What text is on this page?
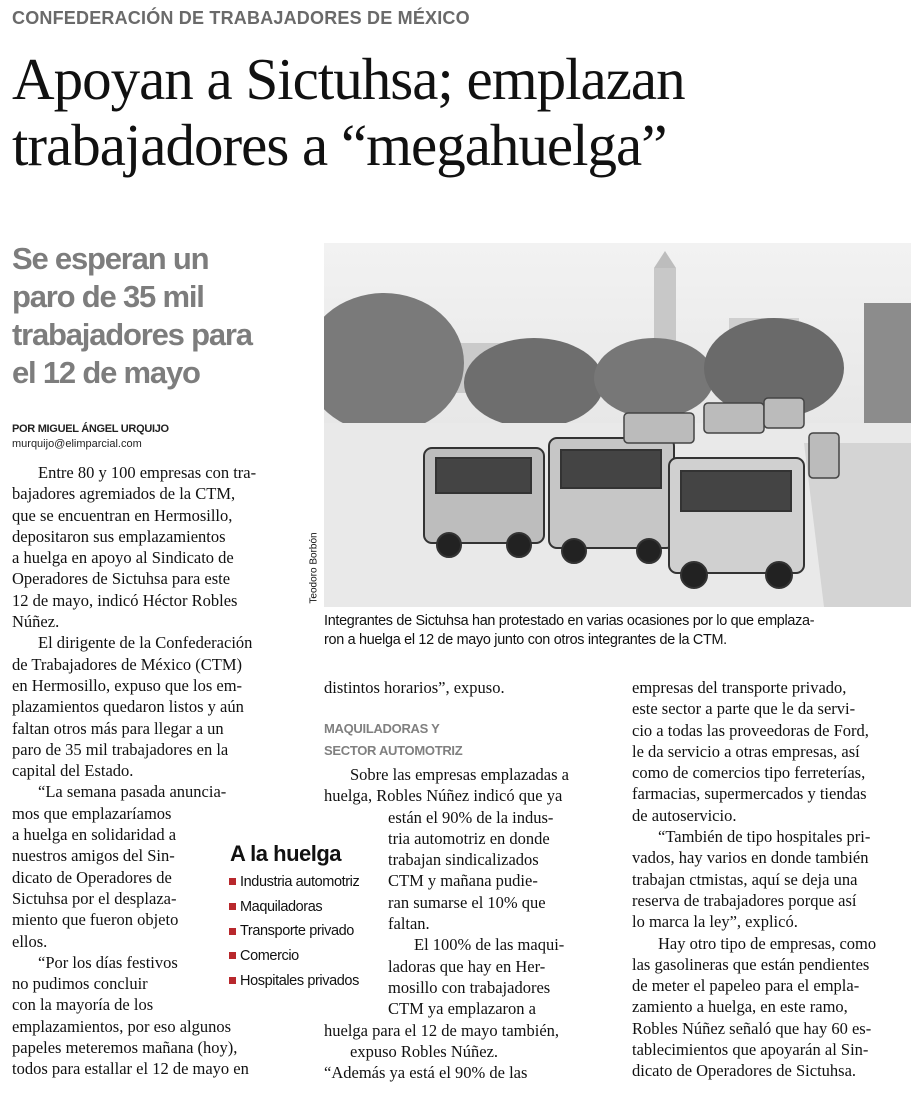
CONFEDERACIÓN DE TRABAJADORES DE MÉXICO
Apoyan a Sictuhsa; emplazan
trabajadores a “megahuelga”
Se esperan un
paro de 35 mil
trabajadores para
el 12 de mayo
POR MIGUEL ÁNGEL URQUIJO
murquijo@elimparcial.com
Entre 80 y 100 empresas con tra-
bajadores agremiados de la CTM,
que se encuentran en Hermosillo,
depositaron sus emplazamientos
a huelga en apoyo al Sindicato de
Operadores de Sictuhsa para este
12 de mayo, indicó Héctor Robles
Núñez.
El dirigente de la Confederación
de Trabajadores de México (CTM)
en Hermosillo, expuso que los em-
plazamientos quedaron listos y aún
faltan otros más para llegar a un
paro de 35 mil trabajadores en la
capital del Estado.
“La semana pasada anuncia-
mos que emplazaríamos
a huelga en solidaridad a
nuestros amigos del Sin-
dicato de Operadores de
Sictuhsa por el desplaza-
miento que fueron objeto
ellos.
“Por los días festivos
no pudimos concluir
con la mayoría de los
emplazamientos, por eso algunos
papeles meteremos mañana (hoy),
todos para estallar el 12 de mayo en
Teodoro Borbón
Integrantes de Sictuhsa han protestado en varias ocasiones por lo que emplaza-
ron a huelga el 12 de mayo junto con otros integrantes de la CTM.
distintos horarios”, expuso.
MAQUILADORAS Y
SECTOR AUTOMOTRIZ
Sobre las empresas emplazadas a
huelga, Robles Núñez indicó que ya
están el 90% de la indus-
tria automotriz en donde
trabajan sindicalizados
CTM y mañana pudie-
ran sumarse el 10% que
faltan.
El 100% de las maqui-
ladoras que hay en Her-
mosillo con trabajadores
CTM ya emplazaron a
huelga para el 12 de mayo también,
expuso Robles Núñez.
“Además ya está el 90% de las
A la huelga
Industria automotriz
Maquiladoras
Transporte privado
Comercio
Hospitales privados
empresas del transporte privado,
este sector a parte que le da servi-
cio a todas las proveedoras de Ford,
le da servicio a otras empresas, así
como de comercios tipo ferreterías,
farmacias, supermercados y tiendas
de autoservicio.
“También de tipo hospitales pri-
vados, hay varios en donde también
trabajan ctmistas, aquí se deja una
reserva de trabajadores porque así
lo marca la ley”, explicó.
Hay otro tipo de empresas, como
las gasolineras que están pendientes
de meter el papeleo para el empla-
zamiento a huelga, en este ramo,
Robles Núñez señaló que hay 60 es-
tablecimientos que apoyarán al Sin-
dicato de Operadores de Sictuhsa.
